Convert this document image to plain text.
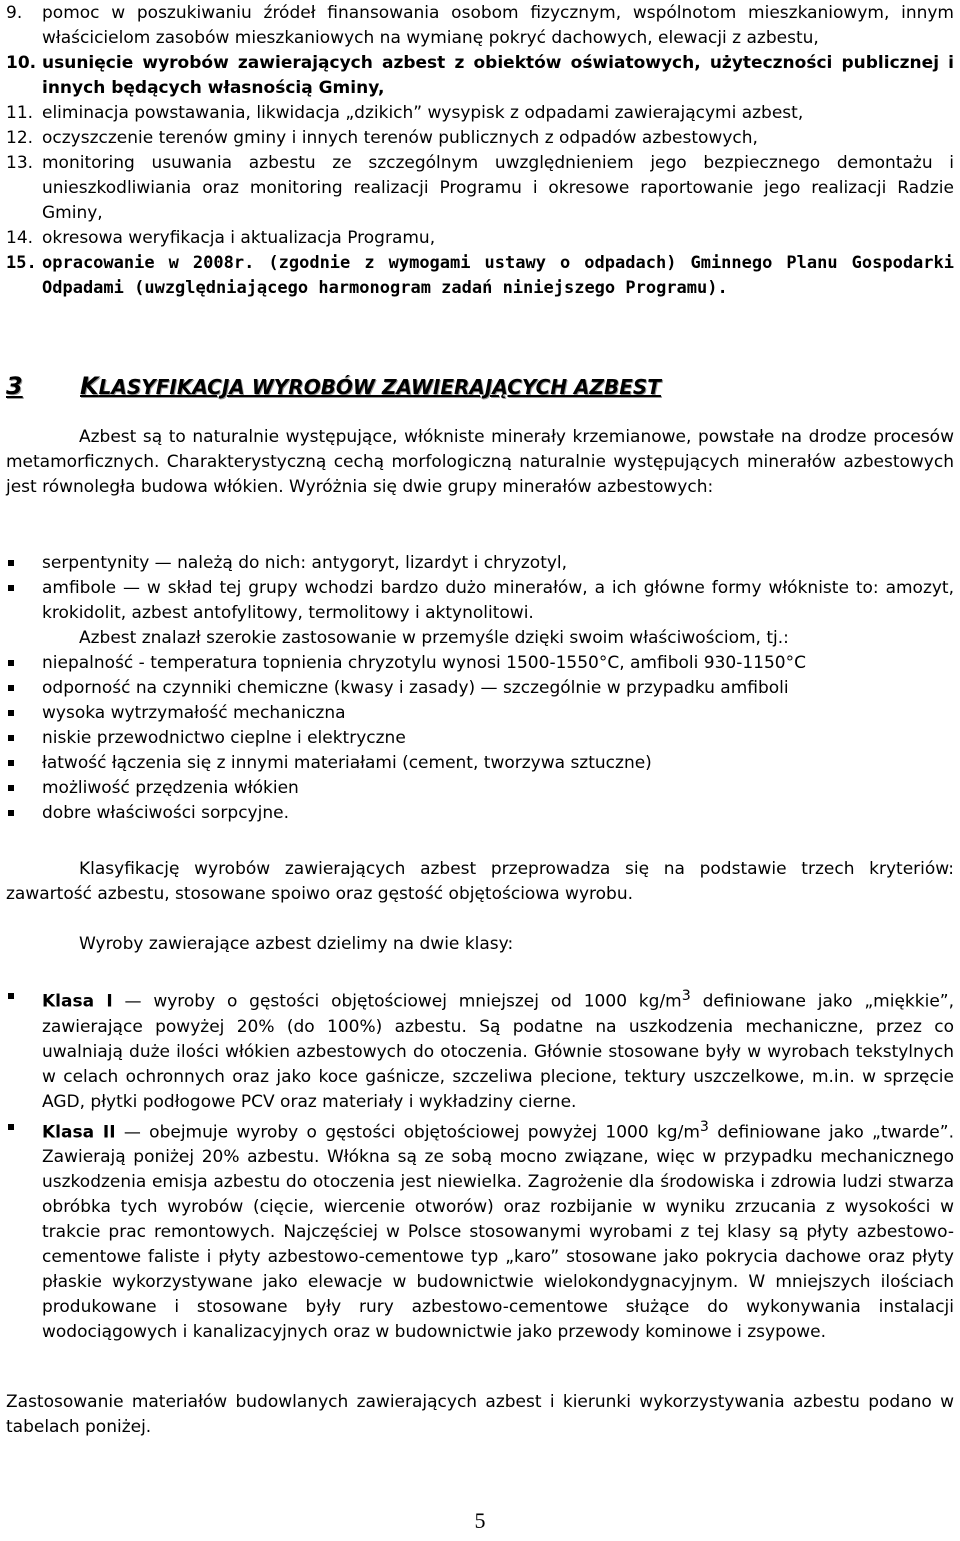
9.	pomoc w poszukiwaniu źródeł finansowania osobom fizycznym, wspólnotom mieszkaniowym, innym właścicielom zasobów mieszkaniowych na wymianę pokryć dachowych, elewacji z azbestu,
10. usunięcie wyrobów zawierających azbest z obiektów oświatowych, użyteczności publicznej i innych będących własnością Gminy,
11. eliminacja powstawania, likwidacja „dzikich” wysypisk z odpadami zawierającymi azbest,
12. oczyszczenie terenów gminy i innych terenów publicznych z odpadów azbestowych,
13. monitoring usuwania azbestu ze szczególnym uwzględnieniem jego bezpiecznego demontażu i unieszkodliwiania oraz monitoring realizacji Programu i okresowe raportowanie jego realizacji Radzie Gminy,
14. okresowa weryfikacja i aktualizacja Programu,
15. opracowanie w 2008r. (zgodnie z wymogami ustawy o odpadach) Gminnego Planu Gospodarki Odpadami (uwzględniającego harmonogram zadań niniejszego Programu).
3	KLASYFIKACJA WYROBÓW ZAWIERAJĄCYCH AZBEST

Azbest są to naturalnie występujące, włókniste minerały krzemianowe, powstałe na drodze procesów metamorficznych. Charakterystyczną cechą morfologiczną naturalnie występujących minerałów azbestowych jest równoległa budowa włókien. Wyróżnia się dwie grupy minerałów azbestowych:

serpentynity — należą do nich: antygoryt, lizardyt i chryzotyl,
amfibole — w skład tej grupy wchodzi bardzo dużo minerałów, a ich główne formy włókniste to: amozyt, krokidolit, azbest antofylitowy, termolitowy i aktynolitowi.
Azbest znalazł szerokie zastosowanie w przemyśle dzięki swoim właściwościom, tj.:
niepalność - temperatura topnienia chryzotylu wynosi 1500-1550°C, amfiboli 930-1150°C
odporność na czynniki chemiczne (kwasy i zasady) — szczególnie w przypadku amfiboli
wysoka wytrzymałość mechaniczna
niskie przewodnictwo cieplne i elektryczne
łatwość łączenia się z innymi materiałami (cement, tworzywa sztuczne)
możliwość przędzenia włókien
dobre właściwości sorpcyjne.

Klasyfikację wyrobów zawierających azbest przeprowadza się na podstawie trzech kryteriów: zawartość azbestu, stosowane spoiwo oraz gęstość objętościowa wyrobu.

Wyroby zawierające azbest dzielimy na dwie klasy:

Klasa I — wyroby o gęstości objętościowej mniejszej od 1000 $kg/m^3$ definiowane jako „miękkie”, zawierające powyżej 20% (do 100%) azbestu. Są podatne na uszkodzenia mechaniczne, przez co uwalniają duże ilości włókien azbestowych do otoczenia. Głównie stosowane były w wyrobach tekstylnych w celach ochronnych oraz jako koce gaśnicze, szczeliwa plecione, tektury uszczelkowe, m.in. w sprzęcie AGD, płytki podłogowe PCV oraz materiały i wykładziny cierne.
Klasa II — obejmuje wyroby o gęstości objętościowej powyżej 1000 $kg/m^3$ definiowane jako „twarde”. Zawierają poniżej 20% azbestu. Włókna są ze sobą mocno związane, więc w przypadku mechanicznego uszkodzenia emisja azbestu do otoczenia jest niewielka. Zagrożenie dla środowiska i zdrowia ludzi stwarza obróbka tych wyrobów (cięcie, wiercenie otworów) oraz rozbijanie w wyniku zrzucania z wysokości w trakcie prac remontowych. Najczęściej w Polsce stosowanymi wyrobami z tej klasy są płyty azbestowo-cementowe faliste i płyty azbestowo-cementowe typ „karo” stosowane jako pokrycia dachowe oraz płyty płaskie wykorzystywane jako elewacje w budownictwie wielokondygnacyjnym. W mniejszych ilościach produkowane i stosowane były rury azbestowo-cementowe służące do wykonywania instalacji wodociągowych i kanalizacyjnych oraz w budownictwie jako przewody kominowe i zsypowe.

Zastosowanie materiałów budowlanych zawierających azbest i kierunki wykorzystywania azbestu podano w tabelach poniżej.

5
